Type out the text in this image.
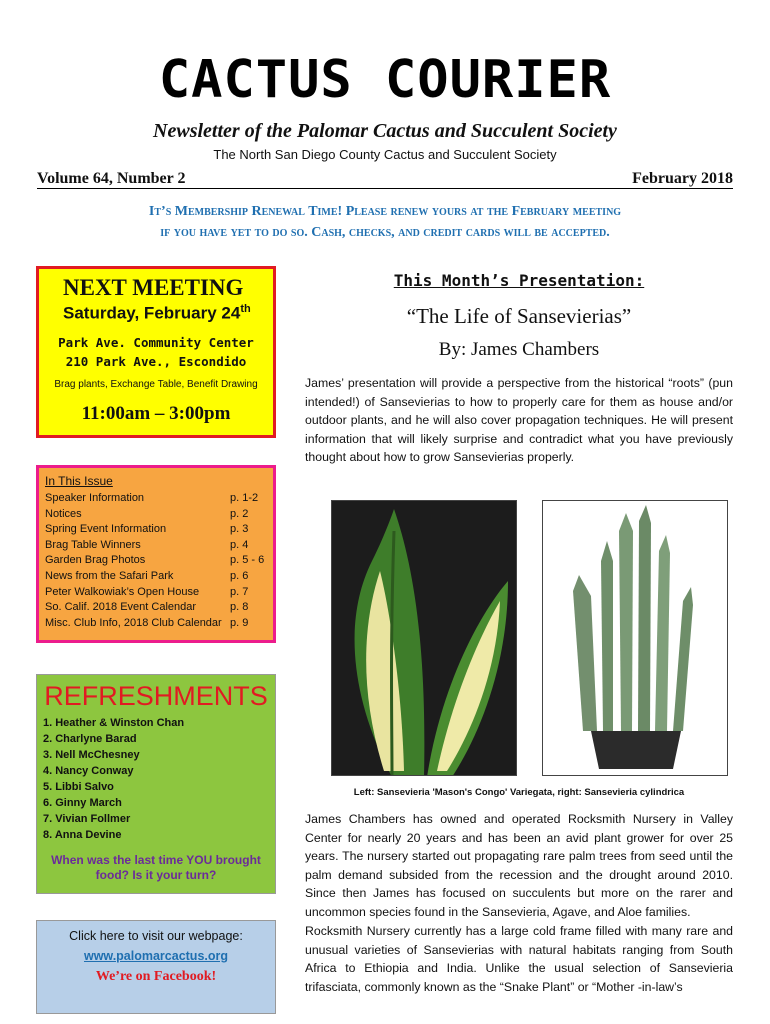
CACTUS COURIER
Newsletter of the Palomar Cactus and Succulent Society
The North San Diego County Cactus and Succulent Society
Volume 64, Number 2	February 2018
It’s Membership Renewal Time! Please renew yours at the February meeting
if you have yet to do so. Cash, checks, and credit cards will be accepted.
NEXT MEETING
Saturday, February 24th
Park Ave. Community Center
210 Park Ave., Escondido
Brag plants, Exchange Table, Benefit Drawing
11:00am – 3:00pm
In This Issue
Speaker Information	p. 1-2
Notices	p. 2
Spring Event Information	p. 3
Brag Table Winners	p. 4
Garden Brag Photos	p. 5 - 6
News from the Safari Park	p. 6
Peter Walkowiak’s Open House	p. 7
So. Calif. 2018 Event Calendar	p. 8
Misc. Club Info, 2018 Club Calendar p. 9
REFRESHMENTS
1. Heather & Winston Chan
2. Charlyne Barad
3. Nell McChesney
4. Nancy Conway
5. Libbi Salvo
6. Ginny March
7. Vivian Follmer
8. Anna Devine
When was the last time YOU brought
food? Is it your turn?
Click here to visit our webpage:
www.palomarcactus.org
We’re on Facebook!
This Month’s Presentation:
“The Life of Sansevierias”
By: James Chambers
James’ presentation will provide a perspective from the historical “roots” (pun intended!) of Sansevierias to how to properly care for them as house and/or outdoor plants, and he will also cover propagation techniques. He will present information that will likely surprise and contradict what you have previously thought about how to grow Sansevierias properly.
Left: Sansevieria 'Mason's Congo' Variegata, right: Sansevieria cylindrica
James Chambers has owned and operated Rocksmith Nursery in Valley Center for nearly 20 years and has been an avid plant grower for over 25 years. The nursery started out propagating rare palm trees from seed until the palm demand subsided from the recession and the drought around 2010. Since then James has focused on succulents but more on the rarer and uncommon species found in the Sansevieria, Agave, and Aloe families.
Rocksmith Nursery currently has a large cold frame filled with many rare and unusual varieties of Sansevierias with natural habitats ranging from South Africa to Ethiopia and India. Unlike the usual selection of Sansevieria trifasciata, commonly known as the “Snake Plant” or “Mother -in-law’s
